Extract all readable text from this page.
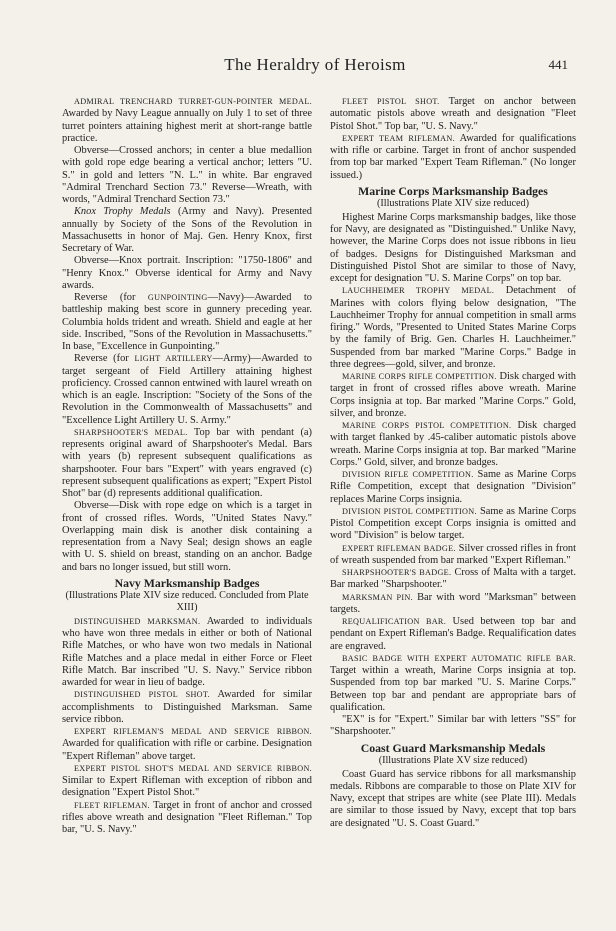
The Heraldry of Heroism	441

ADMIRAL TRENCHARD TURRET-GUN-POINTER MEDAL. Awarded by Navy League annually on July 1 to set of three turret pointers attaining highest merit at short-range battle practice.

Obverse—Crossed anchors; in center a blue medallion with gold rope edge bearing a vertical anchor; letters "U. S." in gold and letters "N. L." in white. Bar engraved "Admiral Trenchard Section 73." Reverse—Wreath, with words, "Admiral Trenchard Section 73."

Knox Trophy Medals (Army and Navy). Presented annually by Society of the Sons of the Revolution in Massachusetts in honor of Maj. Gen. Henry Knox, first Secretary of War.

Obverse—Knox portrait. Inscription: "1750-1806" and "Henry Knox." Obverse identical for Army and Navy awards.

Reverse (for GUNPOINTING—Navy)—Awarded to battleship making best score in gunnery preceding year. Columbia holds trident and wreath. Shield and eagle at her side. Inscribed, "Sons of the Revolution in Massachusetts." In base, "Excellence in Gunpointing."

Reverse (for LIGHT ARTILLERY—Army)—Awarded to target sergeant of Field Artillery attaining highest proficiency. Crossed cannon entwined with laurel wreath on which is an eagle. Inscription: "Society of the Sons of the Revolution in the Commonwealth of Massachusetts" and "Excellence Light Artillery U. S. Army."

SHARPSHOOTER'S MEDAL. Top bar with pendant (a) represents original award of Sharpshooter's Medal. Bars with years (b) represent subsequent qualifications as sharpshooter. Four bars "Expert" with years engraved (c) represent subsequent qualifications as expert; "Expert Pistol Shot" bar (d) represents additional qualification.

Obverse—Disk with rope edge on which is a target in front of crossed rifles. Words, "United States Navy." Overlapping main disk is another disk containing a representation from a Navy Seal; design shows an eagle with U. S. shield on breast, standing on an anchor. Badge and bars no longer issued, but still worn.

Navy Marksmanship Badges
(Illustrations Plate XIV size reduced. Concluded from Plate XIII)

DISTINGUISHED MARKSMAN. Awarded to individuals who have won three medals in either or both of National Rifle Matches, or who have won two medals in National Rifle Matches and a place medal in either Force or Fleet Rifle Match. Bar inscribed "U. S. Navy." Service ribbon awarded for wear in lieu of badge.

DISTINGUISHED PISTOL SHOT. Awarded for similar accomplishments to Distinguished Marksman. Same service ribbon.

EXPERT RIFLEMAN'S MEDAL AND SERVICE RIBBON. Awarded for qualification with rifle or carbine. Designation "Expert Rifleman" above target.

EXPERT PISTOL SHOT'S MEDAL AND SERVICE RIBBON. Similar to Expert Rifleman with exception of ribbon and designation "Expert Pistol Shot."

FLEET RIFLEMAN. Target in front of anchor and crossed rifles above wreath and designation "Fleet Rifleman." Top bar, "U. S. Navy."

FLEET PISTOL SHOT. Target on anchor between automatic pistols above wreath and designation "Fleet Pistol Shot." Top bar, "U. S. Navy."

EXPERT TEAM RIFLEMAN. Awarded for qualifications with rifle or carbine. Target in front of anchor suspended from top bar marked "Expert Team Rifleman." (No longer issued.)

Marine Corps Marksmanship Badges
(Illustrations Plate XIV size reduced)

Highest Marine Corps marksmanship badges, like those for Navy, are designated as "Distinguished." Unlike Navy, however, the Marine Corps does not issue ribbons in lieu of badges. Designs for Distinguished Marksman and Distinguished Pistol Shot are similar to those of Navy, except for designation "U. S. Marine Corps" on top bar.

LAUCHHEIMER TROPHY MEDAL. Detachment of Marines with colors flying below designation, "The Lauchheimer Trophy for annual competition in small arms firing." Words, "Presented to United States Marine Corps by the family of Brig. Gen. Charles H. Lauchheimer." Suspended from bar marked "Marine Corps." Badge in three degrees—gold, silver, and bronze.

MARINE CORPS RIFLE COMPETITION. Disk charged with target in front of crossed rifles above wreath. Marine Corps insignia at top. Bar marked "Marine Corps." Gold, silver, and bronze.

MARINE CORPS PISTOL COMPETITION. Disk charged with target flanked by .45-caliber automatic pistols above wreath. Marine Corps insignia at top. Bar marked "Marine Corps." Gold, silver, and bronze badges.

DIVISION RIFLE COMPETITION. Same as Marine Corps Rifle Competition, except that designation "Division" replaces Marine Corps insignia.

DIVISION PISTOL COMPETITION. Same as Marine Corps Pistol Competition except Corps insignia is omitted and word "Division" is below target.

EXPERT RIFLEMAN BADGE. Silver crossed rifles in front of wreath suspended from bar marked "Expert Rifleman."

SHARPSHOOTER'S BADGE. Cross of Malta with a target. Bar marked "Sharpshooter."

MARKSMAN PIN. Bar with word "Marksman" between targets.

REQUALIFICATION BAR. Used between top bar and pendant on Expert Rifleman's Badge. Requalification dates are engraved.

BASIC BADGE WITH EXPERT AUTOMATIC RIFLE BAR. Target within a wreath, Marine Corps insignia at top. Suspended from top bar marked "U. S. Marine Corps." Between top bar and pendant are appropriate bars of qualification.

"EX" is for "Expert." Similar bar with letters "SS" for "Sharpshooter."

Coast Guard Marksmanship Medals
(Illustrations Plate XV size reduced)

Coast Guard has service ribbons for all marksmanship medals. Ribbons are comparable to those on Plate XIV for Navy, except that stripes are white (see Plate III). Medals are similar to those issued by Navy, except that top bars are designated "U. S. Coast Guard."
